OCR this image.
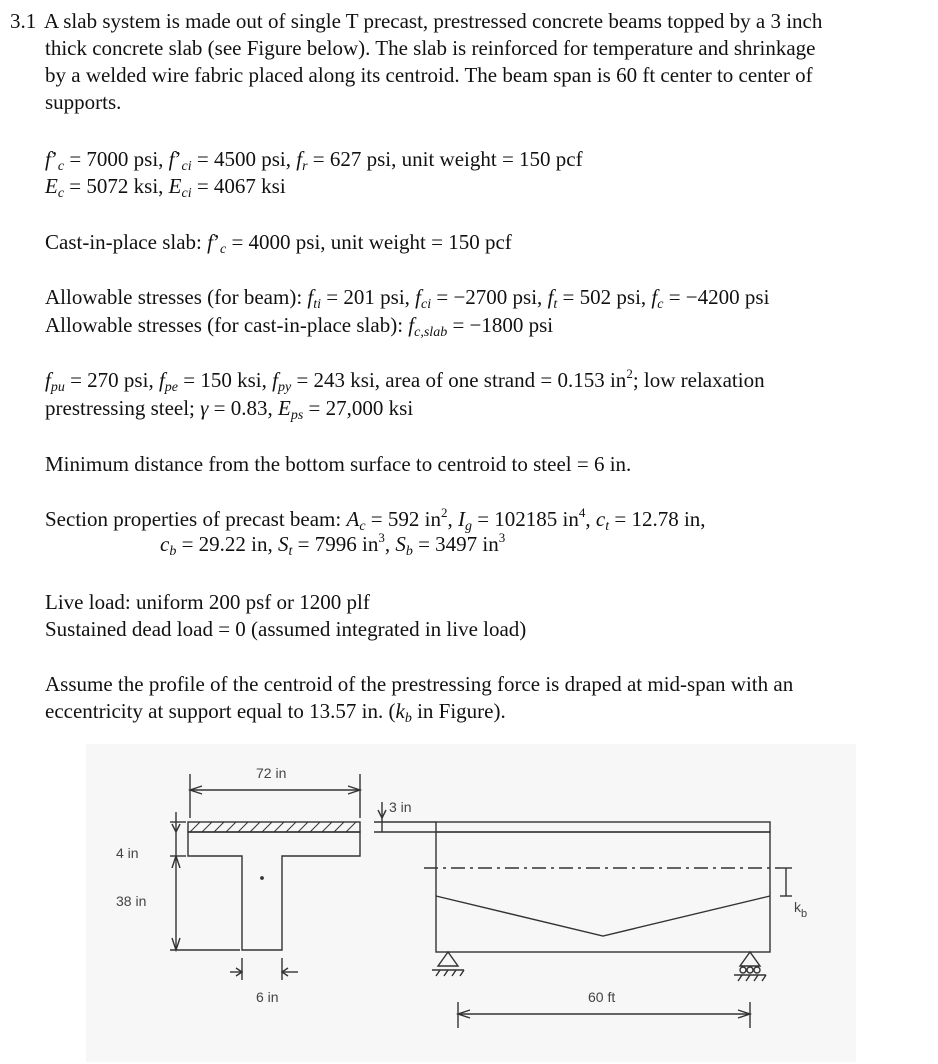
3.1 A slab system is made out of single T precast, prestressed concrete beams topped by a 3 inch
thick concrete slab (see Figure below). The slab is reinforced for temperature and shrinkage
by a welded wire fabric placed along its centroid. The beam span is 60 ft center to center of
supports.
$f’_c = 7000$ psi, $f’_{ci} = 4500$ psi, $f_r = 627$ psi, unit weight = 150 pcf
$E_c = 5072$ ksi, $E_{ci} = 4067$ ksi
Cast-in-place slab: $f’_c = 4000$ psi, unit weight = 150 pcf
Allowable stresses (for beam): $f_{ti} = 201$ psi, $f_{ci} = -2700$ psi, $f_t = 502$ psi, $f_c = -4200$ psi
Allowable stresses (for cast-in-place slab): $f_{c,slab} = -1800$ psi
$f_{pu} = 270$ psi, $f_{pe} = 150$ ksi, $f_{py} = 243$ ksi, area of one strand = 0.153 $in^2$; low relaxation
prestressing steel; γ = 0.83, $E_{ps} = 27,000$ ksi
Minimum distance from the bottom surface to centroid to steel = 6 in.
Section properties of precast beam: $A_c = 592$ $in^2$, $I_g = 102185$ $in^4$, $c_t = 12.78$ in,
$c_b = 29.22$ in, $S_t = 7996$ $in^3$, $S_b = 3497$ $in^3$
Live load: uniform 200 psf or 1200 plf
Sustained dead load = 0 (assumed integrated in live load)
Assume the profile of the centroid of the prestressing force is draped at mid-span with an
eccentricity at support equal to 13.57 in. ($k_b$ in Figure).
72 in
3 in
4 in
38 in
6 in	60 ft
$k_b$
